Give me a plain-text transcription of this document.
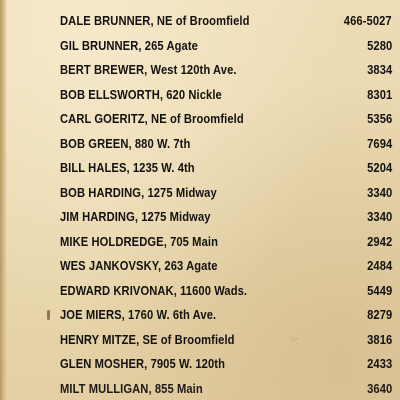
DALE BRUNNER, NE of Broomfield	466-5027
GIL BRUNNER, 265 Agate	5280
BERT BREWER, West 120th Ave.	3834
BOB ELLSWORTH, 620 Nickle	8301
CARL GOERITZ, NE of Broomfield	5356
BOB GREEN, 880 W. 7th	7694
BILL HALES, 1235 W. 4th	5204
BOB HARDING, 1275 Midway	3340
JIM HARDING, 1275 Midway	3340
MIKE HOLDREDGE, 705 Main	2942
WES JANKOVSKY, 263 Agate	2484
EDWARD KRIVONAK, 11600 Wads.	5449
JOE MIERS, 1760 W. 6th Ave.	8279
HENRY MITZE, SE of Broomfield	3816
GLEN MOSHER, 7905 W. 120th	2433
MILT MULLIGAN, 855 Main	3640
·∴·
